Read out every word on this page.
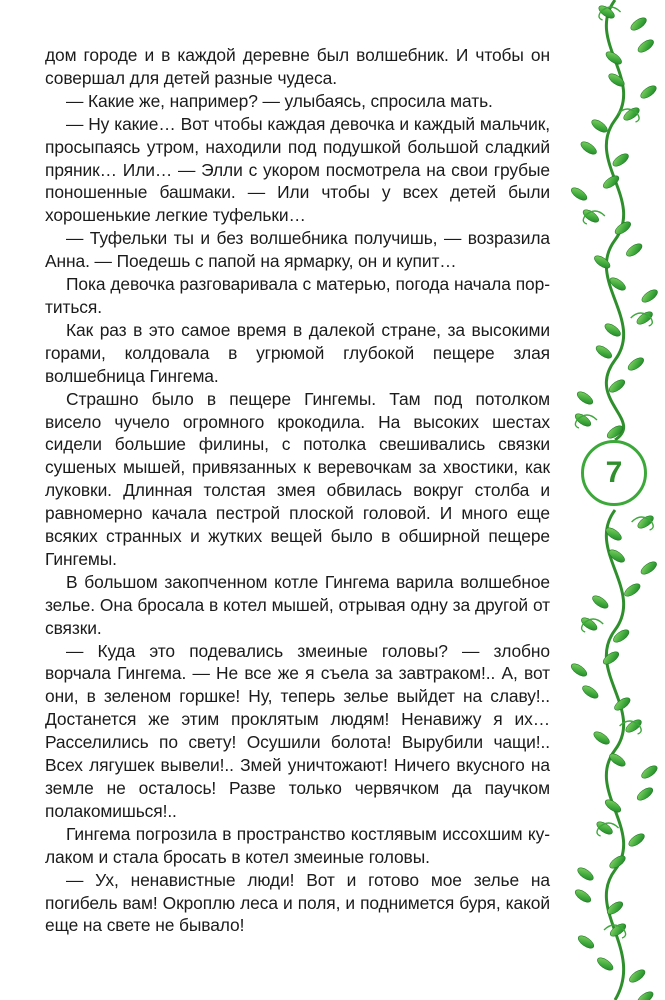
дом городе и в каждой деревне был волшебник. И чтобы он совершал для детей разные чудеса.

— Какие же, например? — улыбаясь, спросила мать.

— Ну какие… Вот чтобы каждая девочка и каждый мальчик, просыпаясь утром, находили под подушкой большой сладкий пряник… Или… — Элли с укором посмотрела на свои грубые поношенные башмаки. — Или чтобы у всех детей были хорошенькие легкие туфельки…

— Туфельки ты и без волшебника получишь, — возразила Анна. — Поедешь с папой на ярмарку, он и купит…

Пока девочка разговаривала с матерью, погода начала портиться.

Как раз в это самое время в далекой стране, за высокими горами, колдовала в угрюмой глубокой пещере злая волшебница Гингема.

Страшно было в пещере Гингемы. Там под потолком висело чучело огромного крокодила. На высоких шестах сидели большие филины, с потолка свешивались связки сушеных мышей, привязанных к веревочкам за хвостики, как луковки. Длинная толстая змея обвилась вокруг столба и равномерно качала пестрой плоской головой. И много еще всяких странных и жутких вещей было в обширной пещере Гингемы.

В большом закопченном котле Гингема варила волшебное зелье. Она бросала в котел мышей, отрывая одну за другой от связки.

— Куда это подевались змеиные головы? — злобно ворчала Гингема. — Не все же я съела за завтраком!.. А, вот они, в зеленом горшке! Ну, теперь зелье выйдет на славу!.. Достанется же этим проклятым людям! Ненавижу я их… Расселились по свету! Осушили болота! Вырубили чащи!.. Всех лягушек вывели!.. Змей уничтожают! Ничего вкусного на земле не осталось! Разве только червячком да паучком полакомишься!..

Гингема погрозила в пространство костлявым иссохшим кулаком и стала бросать в котел змеиные головы.

— Ух, ненавистные люди! Вот и готово мое зелье на погибель вам! Окроплю леса и поля, и поднимется буря, какой еще на свете не бывало!

7
